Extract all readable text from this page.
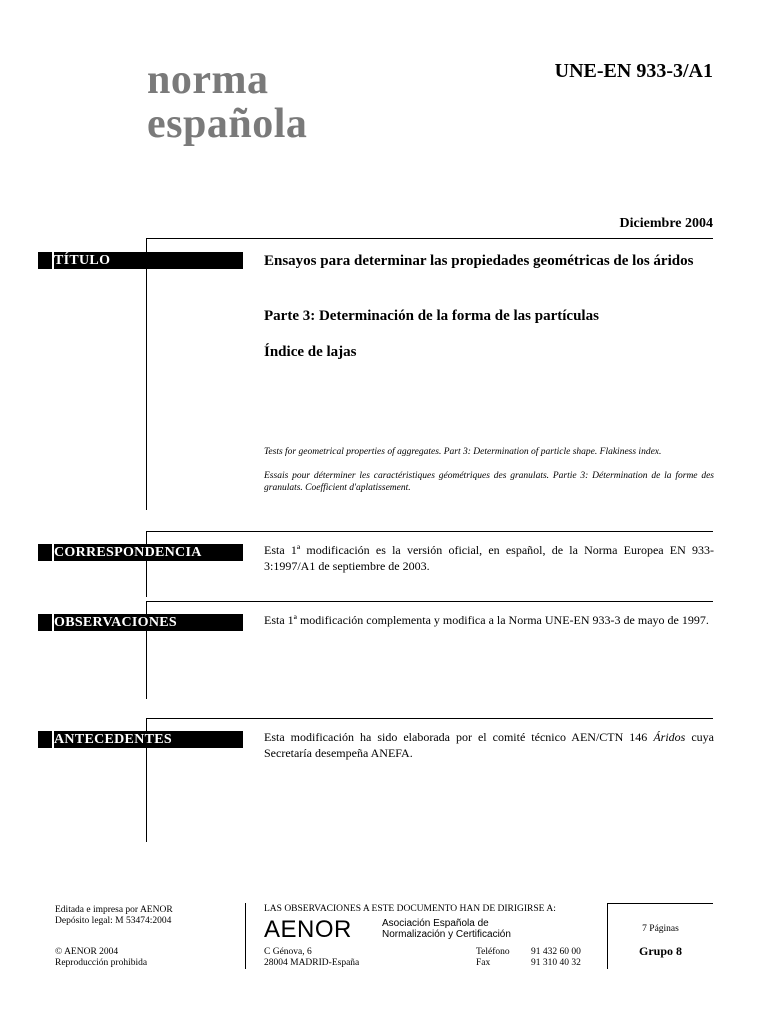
norma
española
UNE-EN 933-3/A1
Diciembre 2004
TÍTULO	Ensayos para determinar las propiedades geométricas de los áridos
Parte 3: Determinación de la forma de las partículas
Índice de lajas
Tests for geometrical properties of aggregates. Part 3: Determination of particle shape. Flakiness index.
Essais pour déterminer les caractéristiques géométriques des granulats. Partie 3: Détermination de la forme des granulats. Coefficient d'aplatissement.
CORRESPONDENCIA	Esta 1ª modificación es la versión oficial, en español, de la Norma Europea EN 933-3:1997/A1 de septiembre de 2003.
OBSERVACIONES	Esta 1ª modificación complementa y modifica a la Norma UNE-EN 933-3 de mayo de 1997.
ANTECEDENTES	Esta modificación ha sido elaborada por el comité técnico AEN/CTN 146 Áridos cuya Secretaría desempeña ANEFA.
Editada e impresa por AENOR
Depósito legal: M 53474:2004
© AENOR 2004
Reproducción prohibida
LAS OBSERVACIONES A ESTE DOCUMENTO HAN DE DIRIGIRSE A:
AENOR	Asociación Española de
Normalización y Certificación
C Génova, 6
28004 MADRID-España
Teléfono 91 432 60 00
Fax	91 310 40 32
7 Páginas
Grupo 8
